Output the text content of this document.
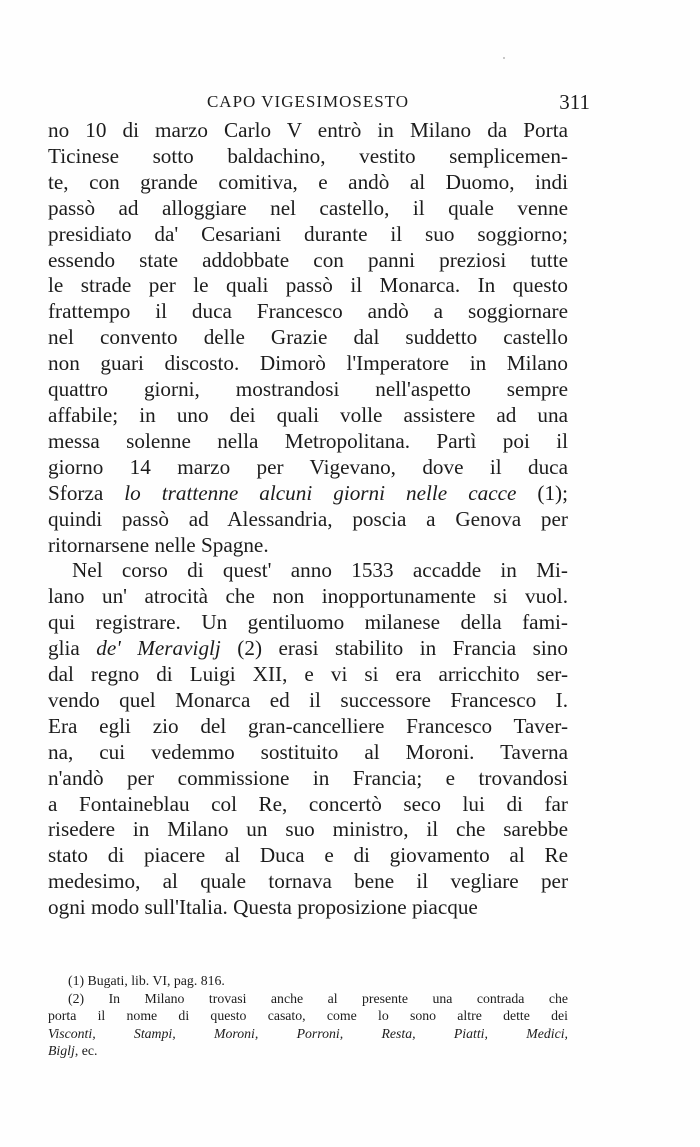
CAPO VIGESIMOSESTO	311
no 10 di marzo Carlo V entrò in Milano da Porta
Ticinese sotto baldachino, vestito semplicemen-
te, con grande comitiva, e andò al Duomo, indi
passò ad alloggiare nel castello, il quale venne
presidiato da' Cesariani durante il suo soggiorno;
essendo state addobbate con panni preziosi tutte
le strade per le quali passò il Monarca. In questo
frattempo il duca Francesco andò a soggiornare
nel convento delle Grazie dal suddetto castello
non guari discosto. Dimorò l'Imperatore in Milano
quattro giorni, mostrandosi nell'aspetto sempre
affabile; in uno dei quali volle assistere ad una
messa solenne nella Metropolitana. Partì poi il
giorno 14 marzo per Vigevano, dove il duca
Sforza lo trattenne alcuni giorni nelle cacce (1);
quindi passò ad Alessandria, poscia a Genova per
ritornarsene nelle Spagne.
Nel corso di quest' anno 1533 accadde in Mi-
lano un' atrocità che non inopportunamente si vuol.
qui registrare. Un gentiluomo milanese della fami-
glia de' Meraviglj (2) erasi stabilito in Francia sino
dal regno di Luigi XII, e vi si era arricchito ser-
vendo quel Monarca ed il successore Francesco I.
Era egli zio del gran-cancelliere Francesco Taver-
na, cui vedemmo sostituito al Moroni. Taverna
n'andò per commissione in Francia; e trovandosi
a Fontaineblau col Re, concertò seco lui di far
risedere in Milano un suo ministro, il che sarebbe
stato di piacere al Duca e di giovamento al Re
medesimo, al quale tornava bene il vegliare per
ogni modo sull'Italia. Questa proposizione piacque
(1) Bugati, lib. VI, pag. 816.
(2) In Milano trovasi anche al presente una contrada che
porta il nome di questo casato, come lo sono altre dette dei
Visconti, Stampi, Moroni, Porroni, Resta, Piatti, Medici,
Biglj, ec.
